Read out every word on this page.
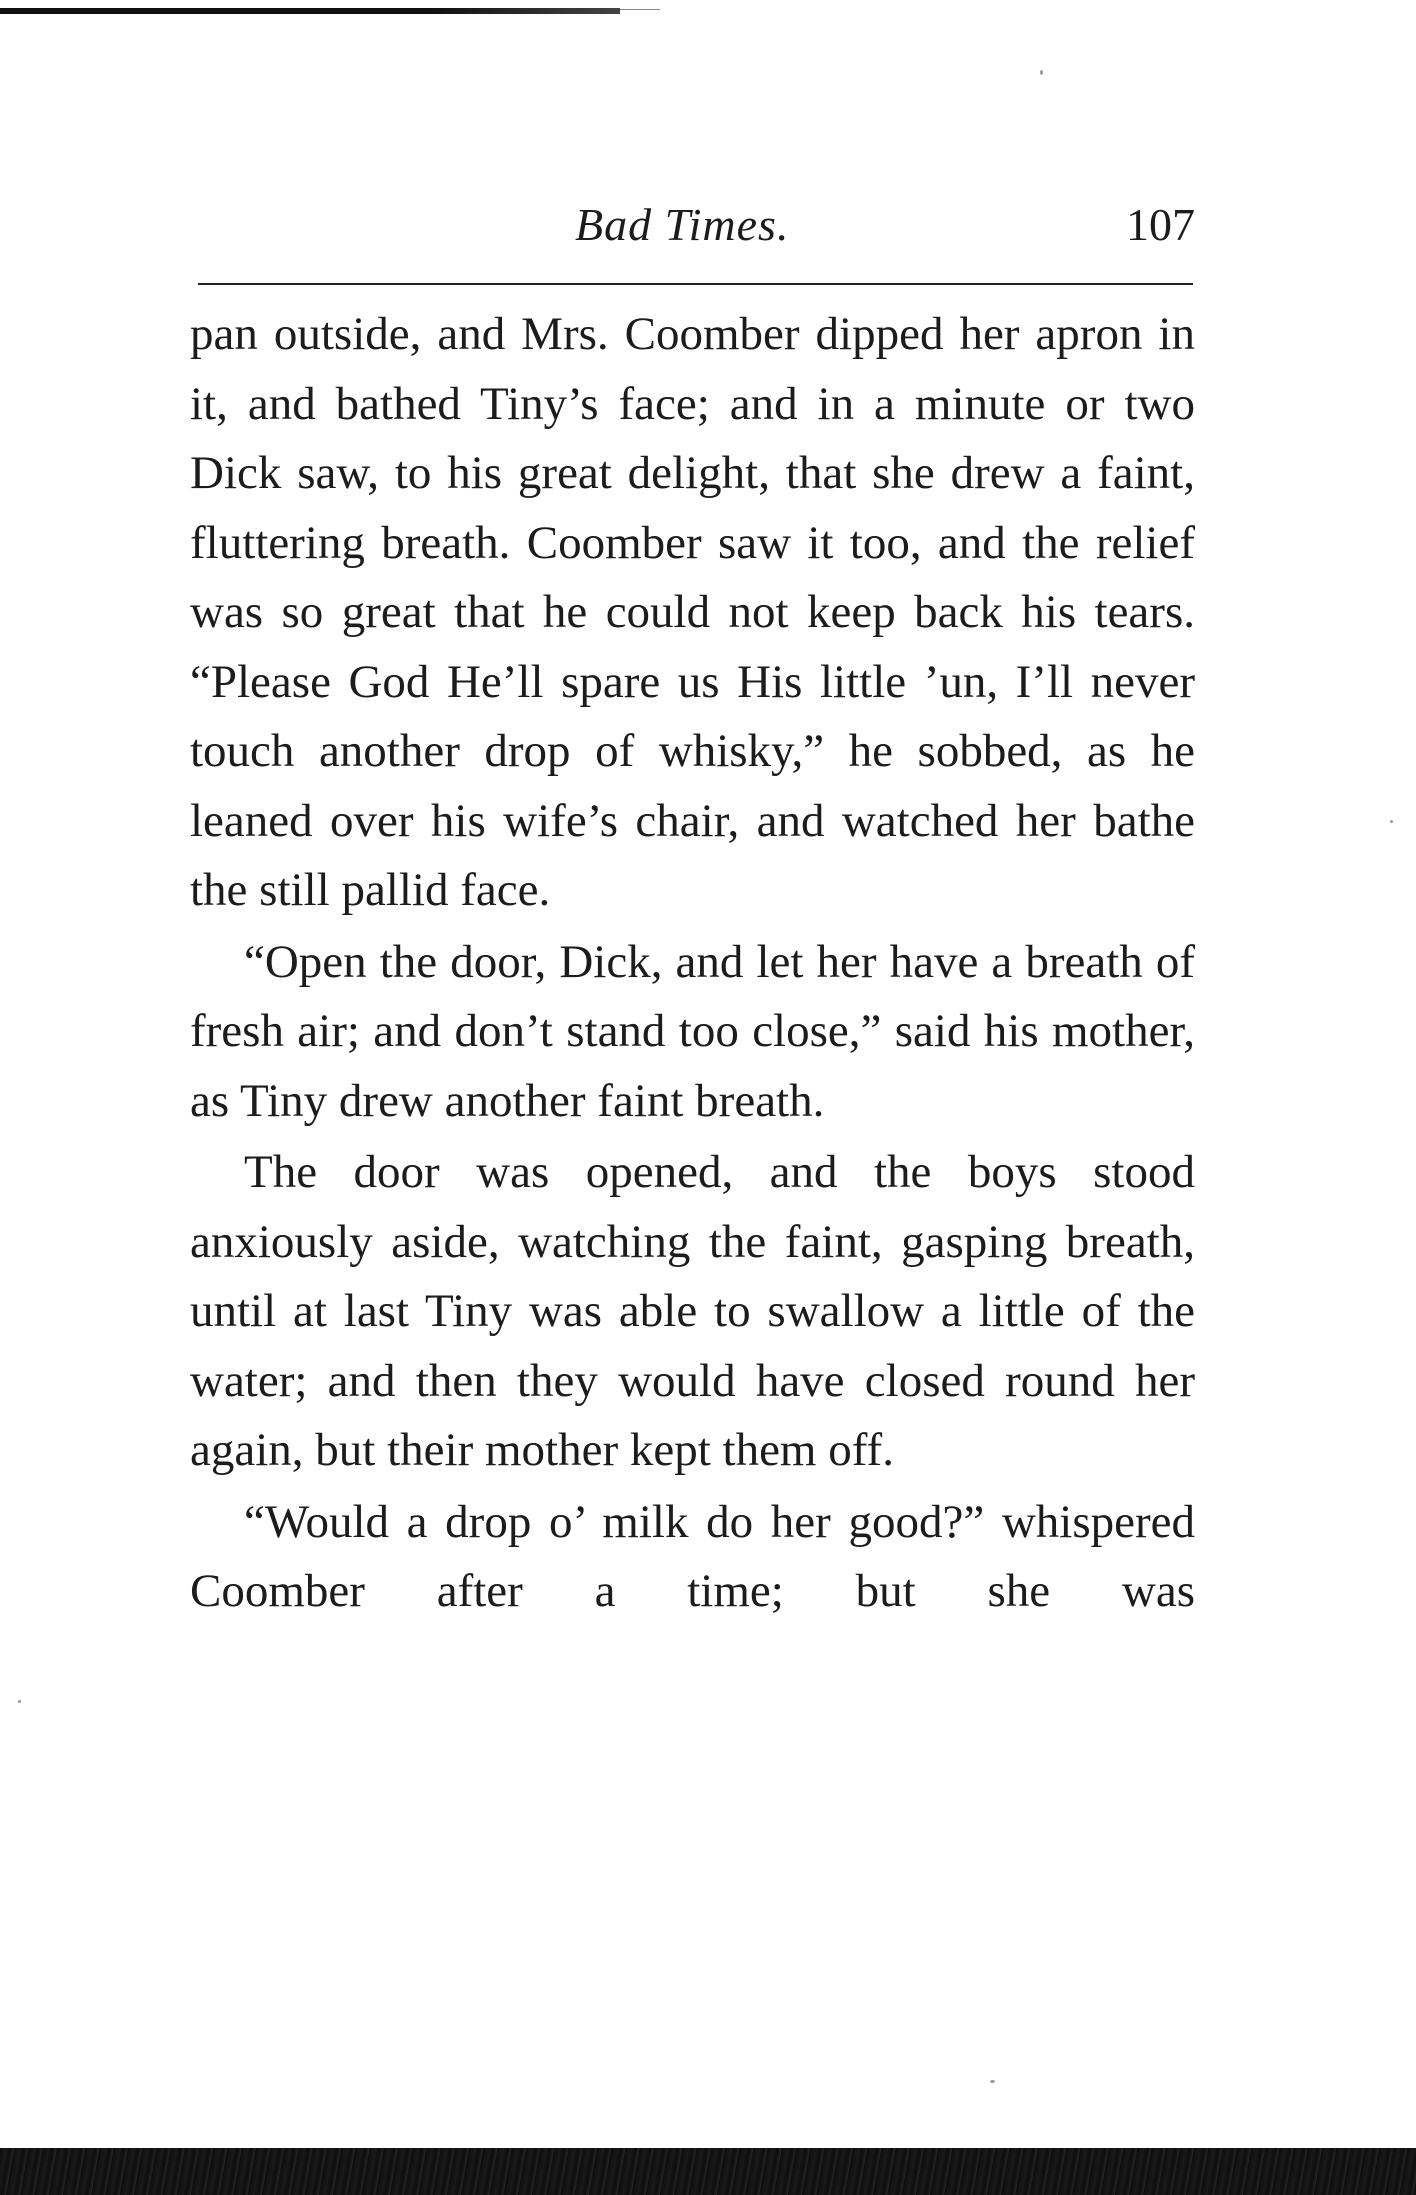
Bad Times.	107

pan outside, and Mrs. Coomber dipped her apron in it, and bathed Tiny’s face; and in a minute or two Dick saw, to his great delight, that she drew a faint, fluttering breath. Coomber saw it too, and the relief was so great that he could not keep back his tears. “Please God He’ll spare us His little ’un, I’ll never touch another drop of whisky,” he sobbed, as he leaned over his wife’s chair, and watched her bathe the still pallid face.

“Open the door, Dick, and let her have a breath of fresh air; and don’t stand too close,” said his mother, as Tiny drew another faint breath.

The door was opened, and the boys stood anxiously aside, watching the faint, gasping breath, until at last Tiny was able to swallow a little of the water; and then they would have closed round her again, but their mother kept them off.

“Would a drop o’ milk do her good?” whispered Coomber after a time; but she was
